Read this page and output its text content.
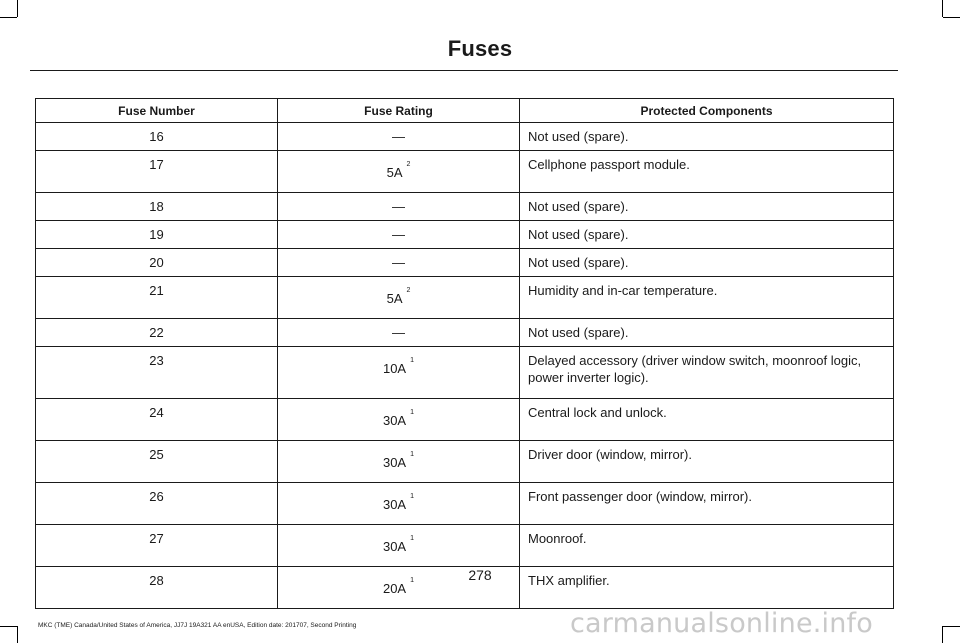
Fuses
Fuse Number	Fuse Rating	Protected Components
16	—	Not used (spare).
17	5A$^2$	Cellphone passport module.
18	—	Not used (spare).
19	—	Not used (spare).
20	—	Not used (spare).
21	5A$^2$	Humidity and in-car temperature.
22	—	Not used (spare).
23	10A$^1$	Delayed accessory (driver window switch, moonroof logic, power inverter logic).
24	30A$^1$	Central lock and unlock.
25	30A$^1$	Driver door (window, mirror).
26	30A$^1$	Front passenger door (window, mirror).
27	30A$^1$	Moonroof.
28	20A$^1$	THX amplifier.
278
MKC (TME) Canada/United States of America, JJ7J 19A321 AA enUSA, Edition date: 201707, Second Printing	carmanualsonline.info
